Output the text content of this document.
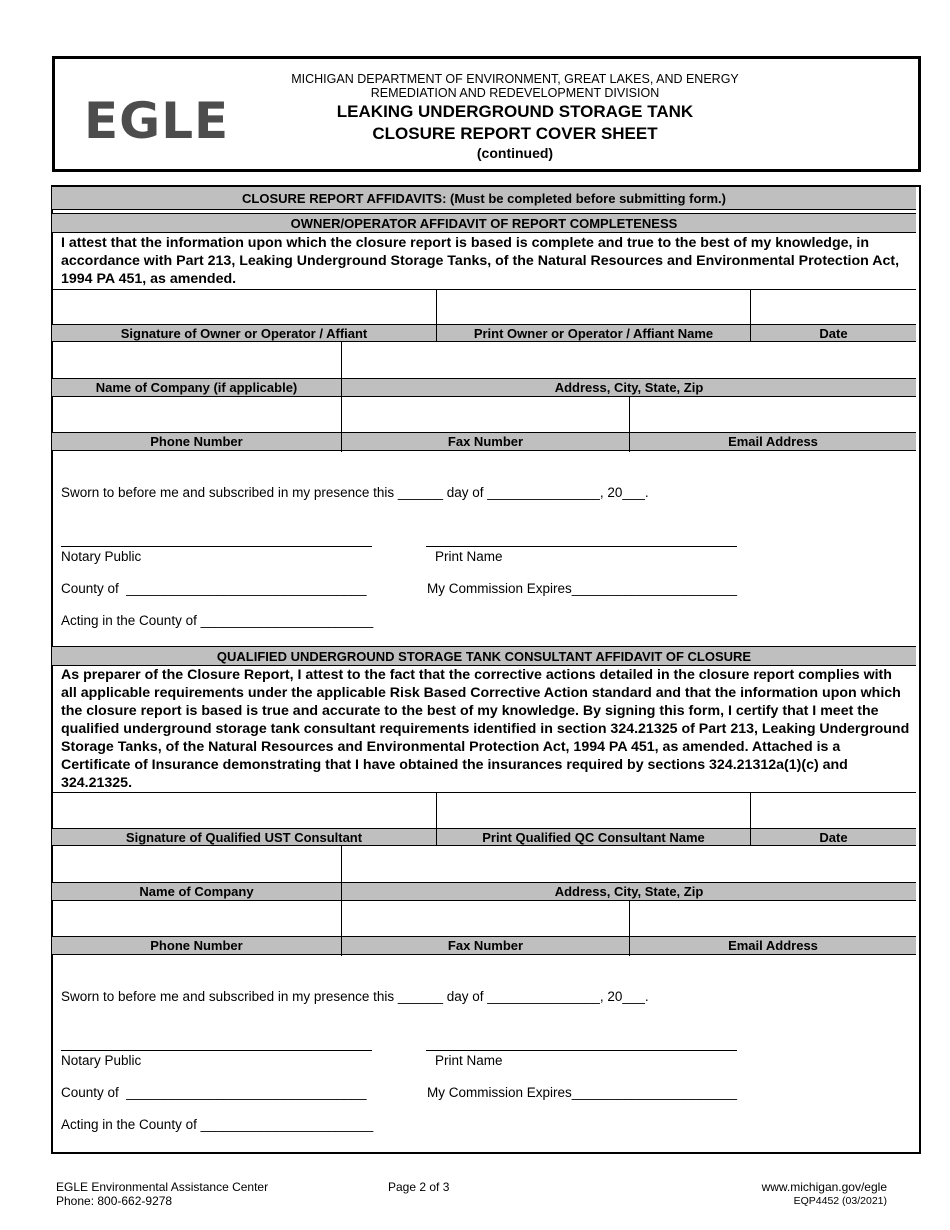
EGLE
MICHIGAN DEPARTMENT OF ENVIRONMENT, GREAT LAKES, AND ENERGY
REMEDIATION AND REDEVELOPMENT DIVISION
LEAKING UNDERGROUND STORAGE TANK
CLOSURE REPORT COVER SHEET
(continued)
CLOSURE REPORT AFFIDAVITS: (Must be completed before submitting form.)
OWNER/OPERATOR AFFIDAVIT OF REPORT COMPLETENESS
I attest that the information upon which the closure report is based is complete and true to the best of my knowledge, in accordance with Part 213, Leaking Underground Storage Tanks, of the Natural Resources and Environmental Protection Act, 1994 PA 451, as amended.
Signature of Owner or Operator / Affiant	Print Owner or Operator / Affiant Name	Date
Name of Company (if applicable)	Address, City, State, Zip
Phone Number	Fax Number	Email Address
Sworn to before me and subscribed in my presence this ______ day of _______________, 20___.
Notary Public	Print Name
County of  ________________________________	My Commission Expires______________________
Acting in the County of _______________________
QUALIFIED UNDERGROUND STORAGE TANK CONSULTANT AFFIDAVIT OF CLOSURE
As preparer of the Closure Report, I attest to the fact that the corrective actions detailed in the closure report complies with all applicable requirements under the applicable Risk Based Corrective Action standard and that the information upon which the closure report is based is true and accurate to the best of my knowledge. By signing this form, I certify that I meet the qualified underground storage tank consultant requirements identified in section 324.21325 of Part 213, Leaking Underground Storage Tanks, of the Natural Resources and Environmental Protection Act, 1994 PA 451, as amended. Attached is a Certificate of Insurance demonstrating that I have obtained the insurances required by sections 324.21312a(1)(c) and 324.21325.
Signature of Qualified UST Consultant	Print Qualified QC Consultant Name	Date
Name of Company	Address, City, State, Zip
Phone Number	Fax Number	Email Address
Sworn to before me and subscribed in my presence this ______ day of _______________, 20___.
Notary Public	Print Name
County of  ________________________________	My Commission Expires______________________
Acting in the County of _______________________
EGLE Environmental Assistance Center
Phone: 800-662-9278
Page 2 of 3	www.michigan.gov/egle
EQP4452 (03/2021)
